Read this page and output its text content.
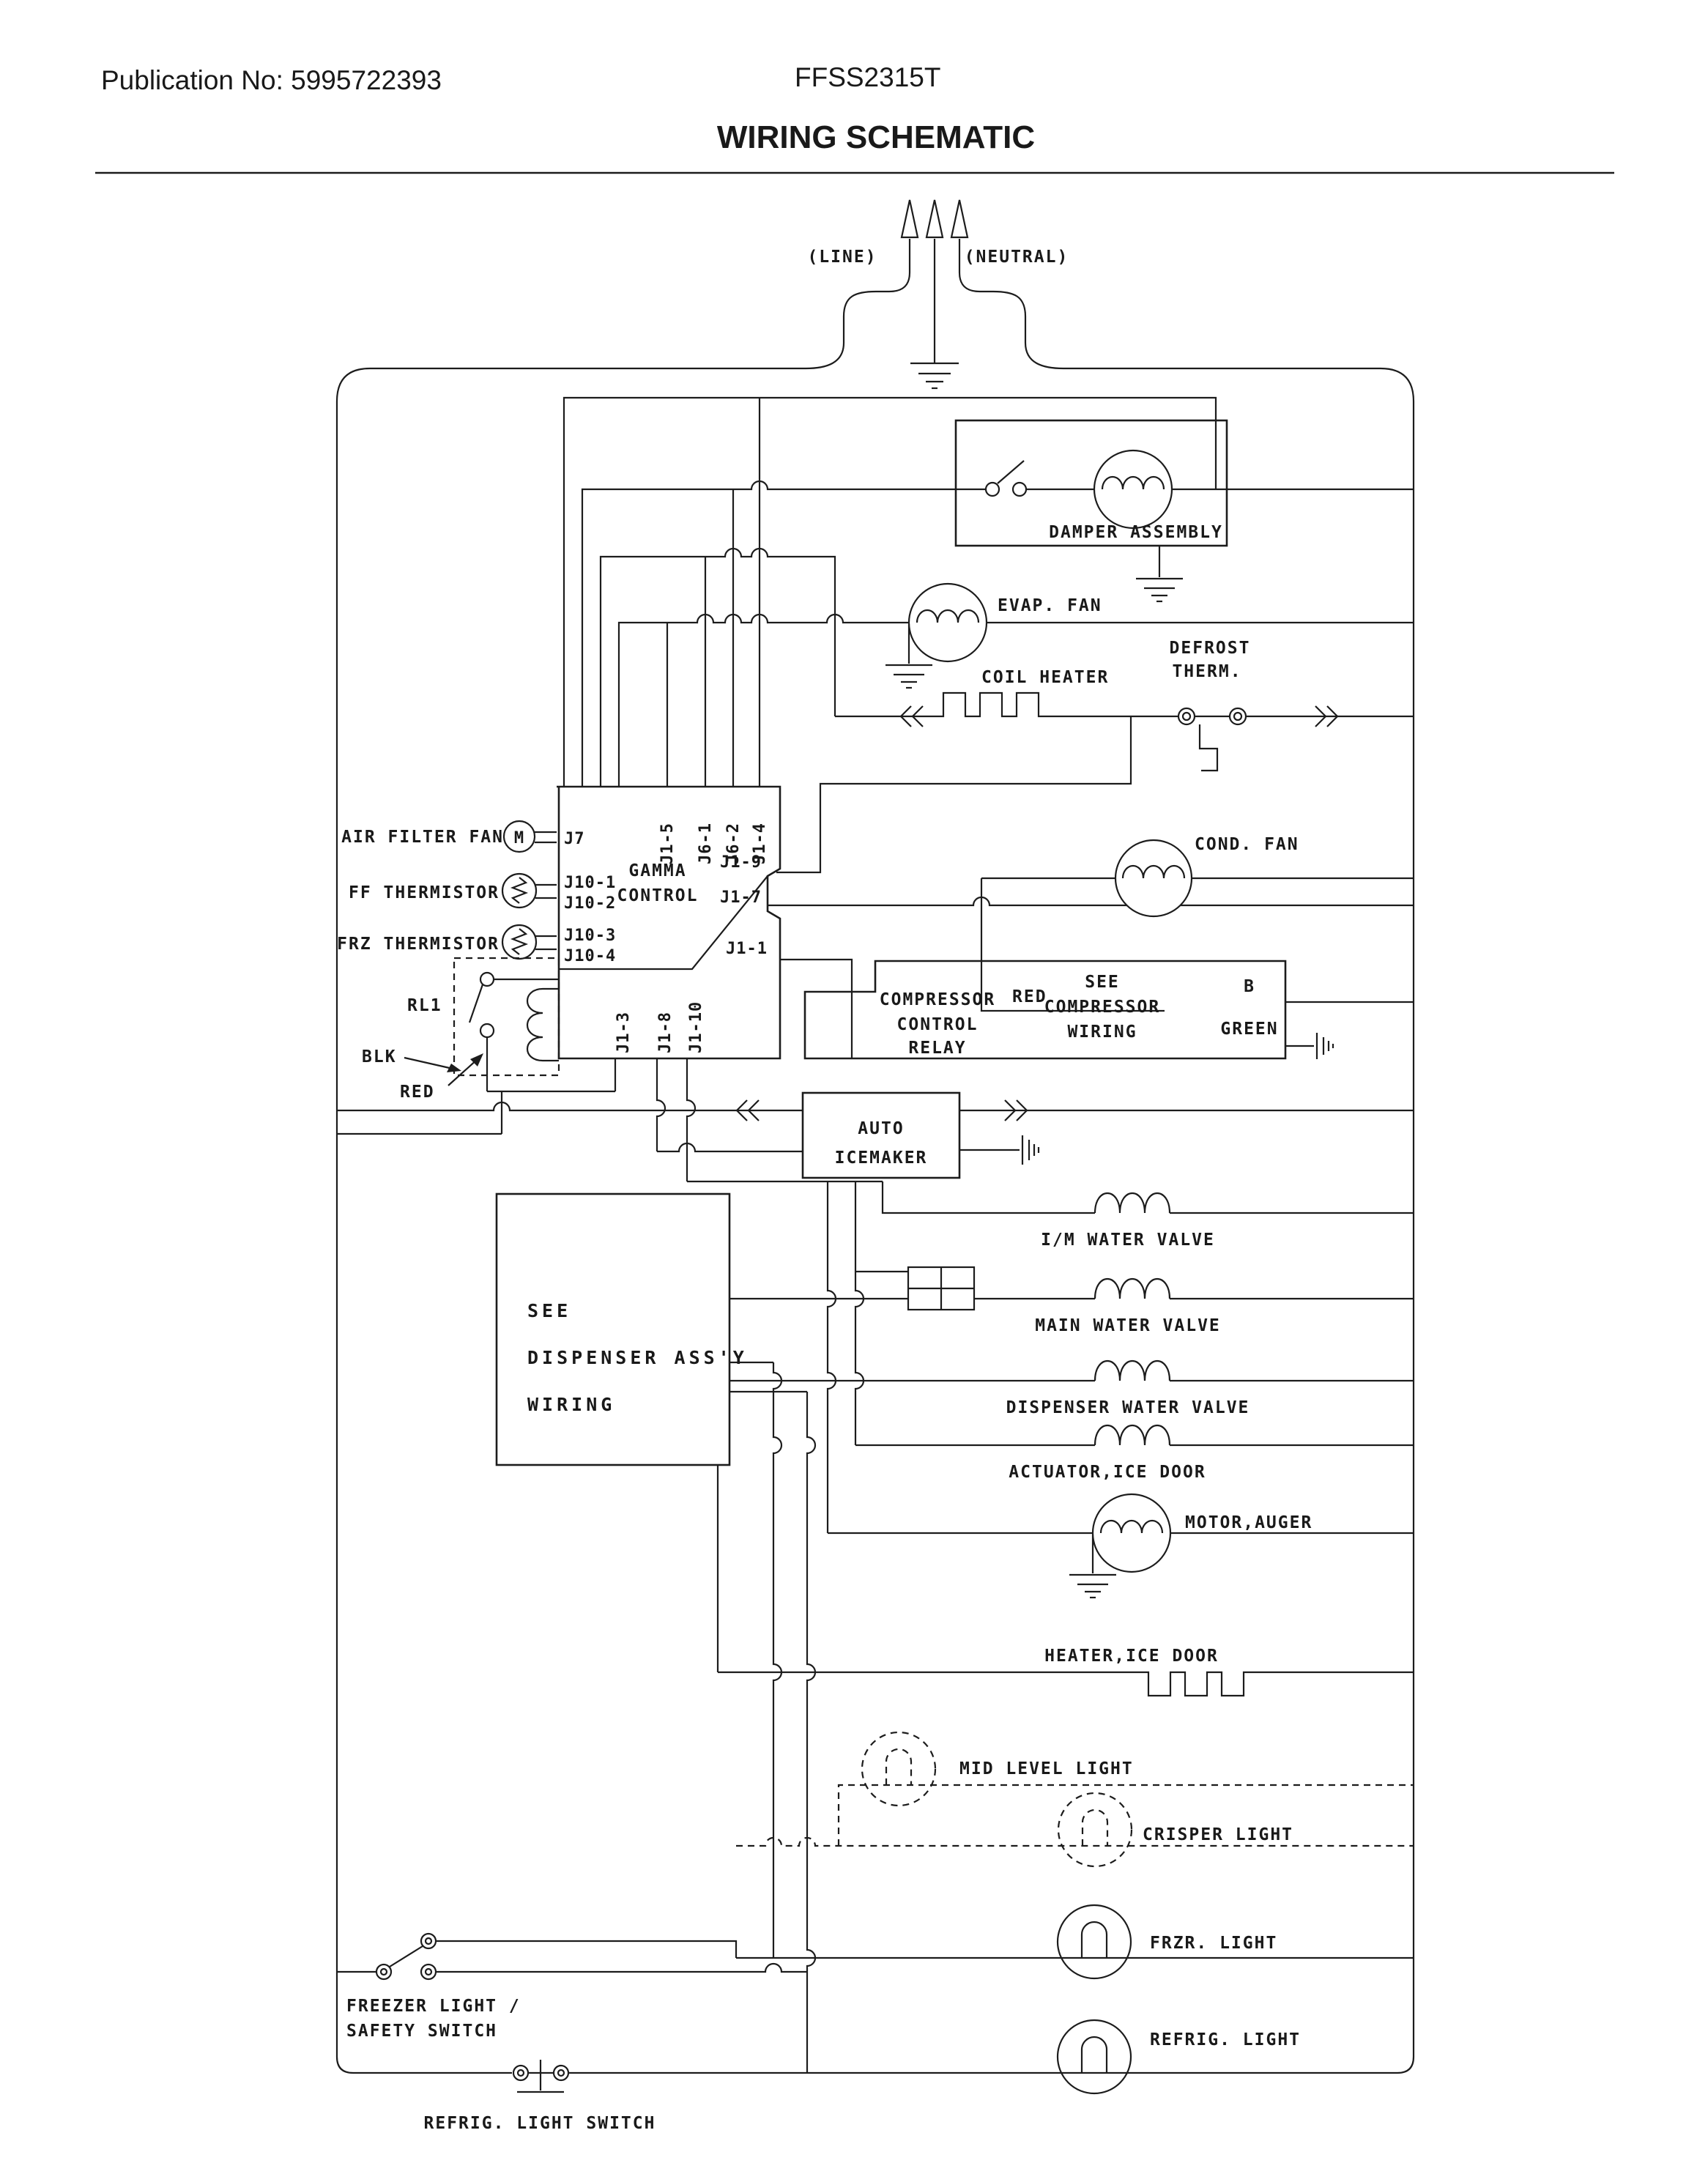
Publication No: 5995722393	FFSS2315T
WIRING SCHEMATIC
(LINE)	(NEUTRAL)
DAMPER ASSEMBLY
EVAP. FAN
COIL HEATER
DEFROST
THERM.
GAMMA
CONTROL
J1-5 J6-1 J6-2 J1-4
J1-3 J1-8 J1-10
J1-9
J1-7
J1-1
J7
J10-1
J10-2
J10-3
J10-4
M
AIR FILTER FAN
FF THERMISTOR
FRZ THERMISTOR
RL1
BLK
RED
COND. FAN
COMPRESSOR
CONTROL
RELAY
SEE
COMPRESSOR
WIRING
RED
B
GREEN
AUTO
ICEMAKER
I/M WATER VALVE
MAIN WATER VALVE
DISPENSER WATER VALVE
SEE
DISPENSER ASS'Y
WIRING
ACTUATOR,ICE DOOR
MOTOR,AUGER
HEATER,ICE DOOR
MID LEVEL LIGHT
CRISPER LIGHT
FRZR. LIGHT
REFRIG. LIGHT
FREEZER LIGHT /
SAFETY SWITCH
REFRIG. LIGHT SWITCH
